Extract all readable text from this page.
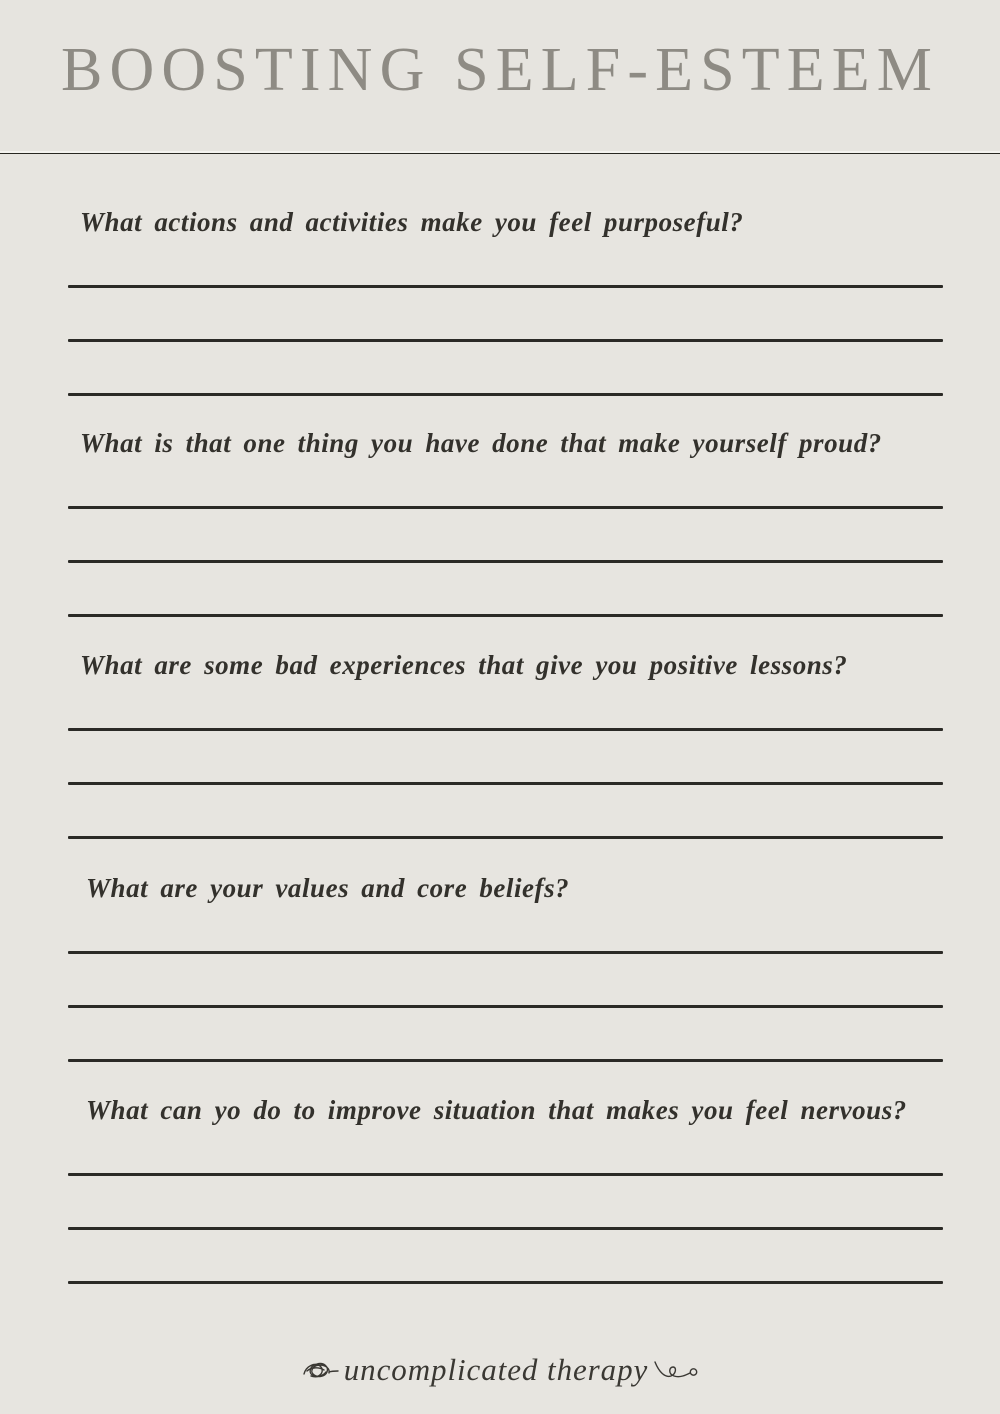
BOOSTING SELF-ESTEEM

What actions and activities make you feel purposeful?

What is that one thing you have done that make yourself proud?

What are some bad experiences that give you positive lessons?

What are your values and core beliefs?

What can yo do to improve situation that makes you feel nervous?

uncomplicated therapy
